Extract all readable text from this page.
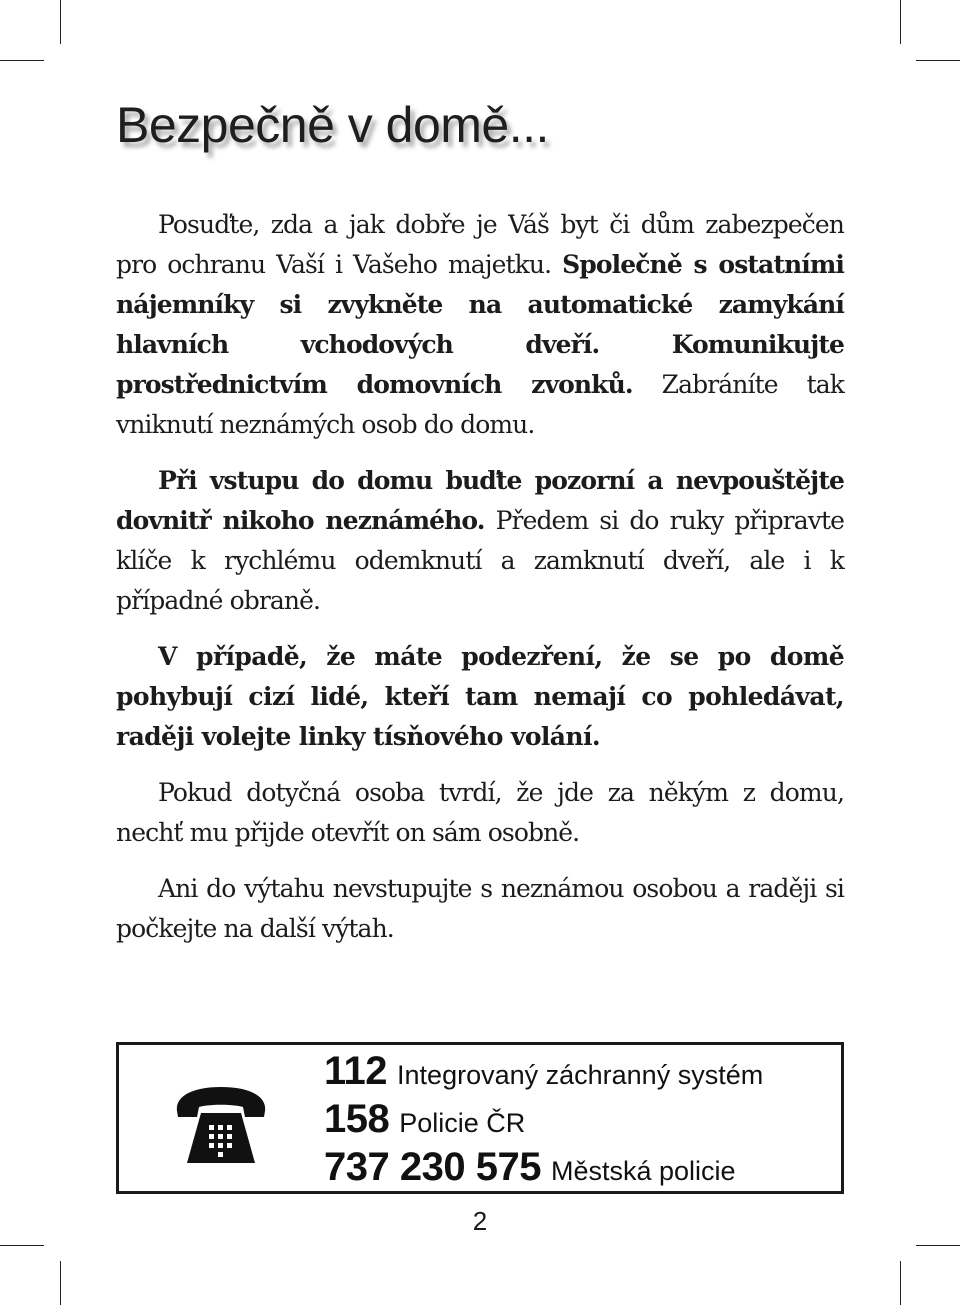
Bezpečně v domě...

Posuďte, zda a jak dobře je Váš byt či dům zabezpečen pro ochranu Vaší i Vašeho majetku. Společně s ostatními nájemníky si zvykněte na automatické zamykání hlavních vchodových dveří. Komunikujte prostřednictvím domovních zvonků. Zabráníte tak vniknutí neznámých osob do domu.

Při vstupu do domu buďte pozorní a nevpouštějte dovnitř nikoho neznámého. Předem si do ruky připravte klíče k rychlému odemknutí a zamknutí dveří, ale i k případné obraně.

V případě, že máte podezření, že se po domě pohybují cizí lidé, kteří tam nemají co pohledávat, raději volejte linky tísňového volání.

Pokud dotyčná osoba tvrdí, že jde za někým z domu, nechť mu přijde otevřít on sám osobně.

Ani do výtahu nevstupujte s neznámou osobou a raději si počkejte na další výtah.

112 Integrovaný záchranný systém
158 Policie ČR
737 230 575 Městská policie
2
